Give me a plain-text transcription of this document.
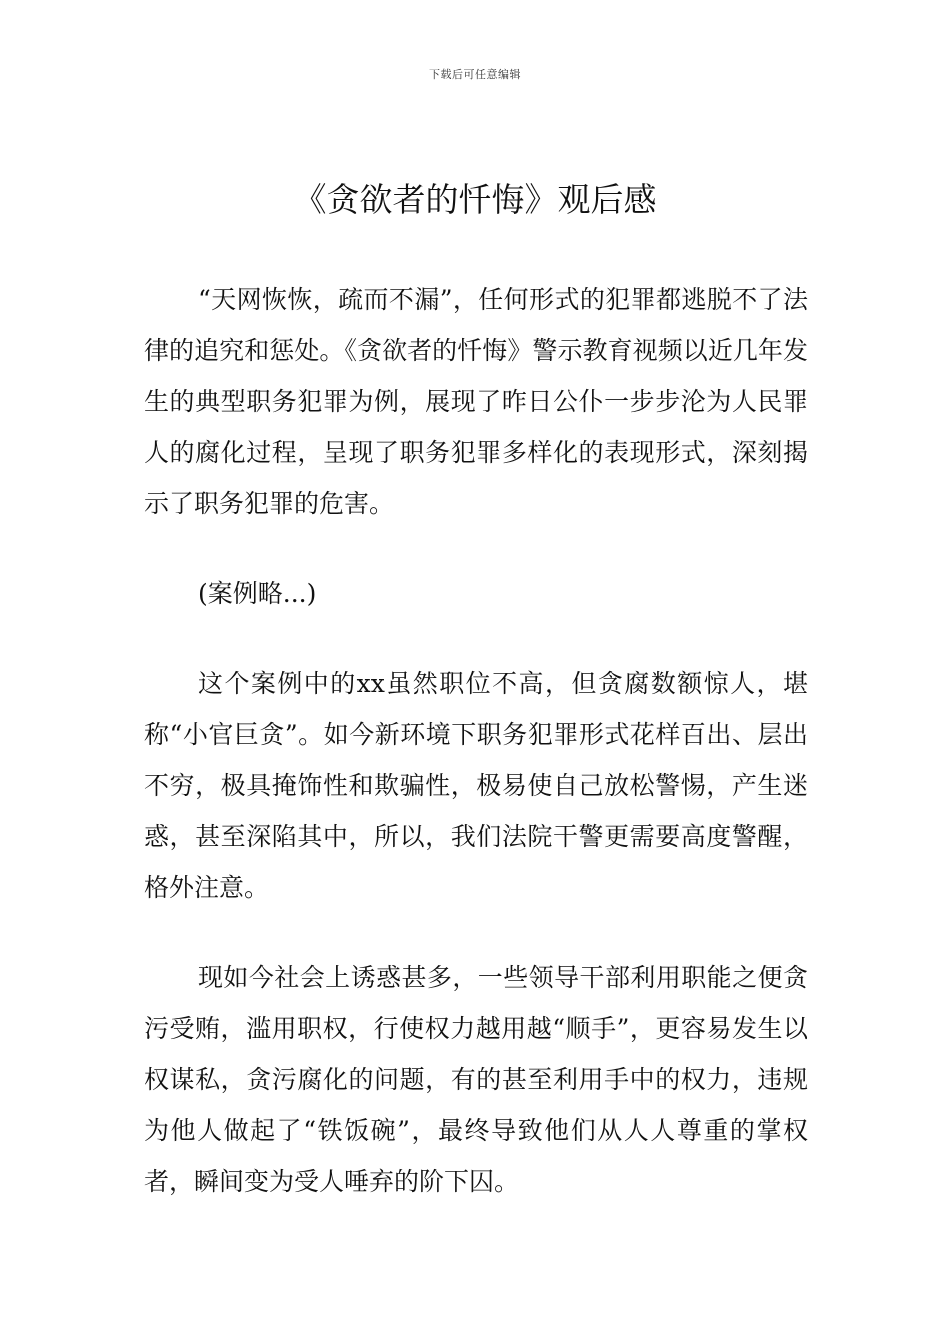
下载后可任意编辑
《贪欲者的忏悔》观后感

“天网恢恢，疏而不漏”，任何形式的犯罪都逃脱不了法律的追究和惩处。《贪欲者的忏悔》警示教育视频以近几年发生的典型职务犯罪为例，展现了昨日公仆一步步沦为人民罪人的腐化过程，呈现了职务犯罪多样化的表现形式，深刻揭示了职务犯罪的危害。

(案例略...)

这个案例中的xx虽然职位不高，但贪腐数额惊人，堪称“小官巨贪”。如今新环境下职务犯罪形式花样百出、层出不穷，极具掩饰性和欺骗性，极易使自己放松警惕，产生迷惑，甚至深陷其中，所以，我们法院干警更需要高度警醒，格外注意。

现如今社会上诱惑甚多，一些领导干部利用职能之便贪污受贿，滥用职权，行使权力越用越“顺手”，更容易发生以权谋私，贪污腐化的问题，有的甚至利用手中的权力，违规为他人做起了“铁饭碗”，最终导致他们从人人尊重的掌权者，瞬间变为受人唾弃的阶下囚。
